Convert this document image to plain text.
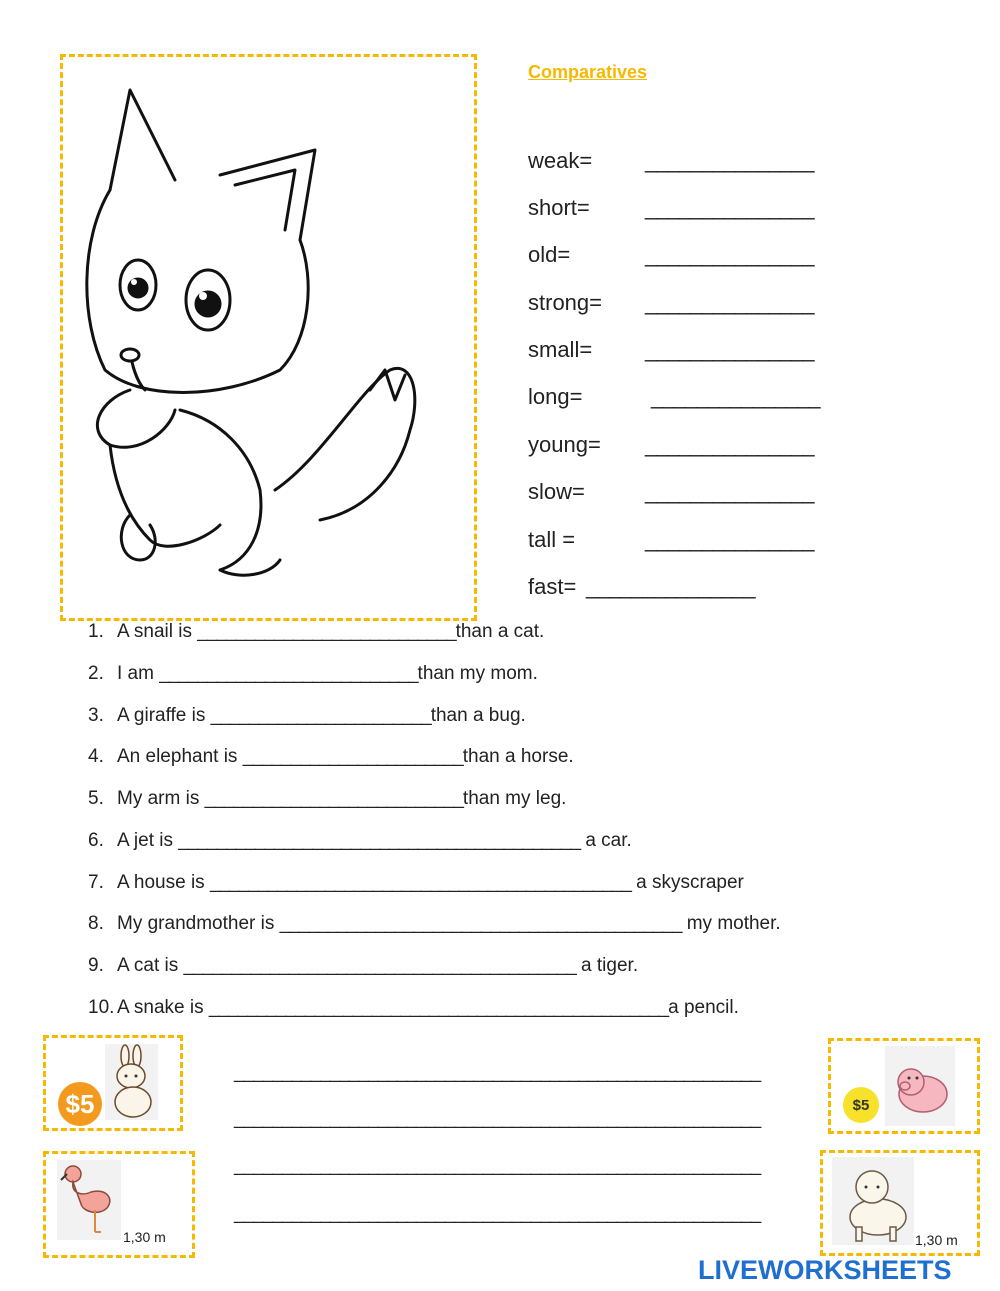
Comparatives
weak= _______________
short=	_______________
old=	_______________
strong= _______________
small= _______________
long=	_______________
young= _______________
slow=	_______________
tall =	_______________
fast= _______________
1. A snail is ___________________________than a cat.
2. I am ___________________________than my mom.
3. A giraffe is _______________________than a bug.
4. An elephant is _______________________than a horse.
5. My arm is ___________________________than my leg.
6. A jet is __________________________________________ a car.
7. A house is ____________________________________________ a skyscraper
8. My grandmother is __________________________________________ my mother.
9. A cat is _________________________________________ a tiger.
10. A snake is ________________________________________________a pencil.
$5
1,30 m
$5
1,30 m
_______________________________________________________
_______________________________________________________
_______________________________________________________
_______________________________________________________
LIVEWORKSHEETS
